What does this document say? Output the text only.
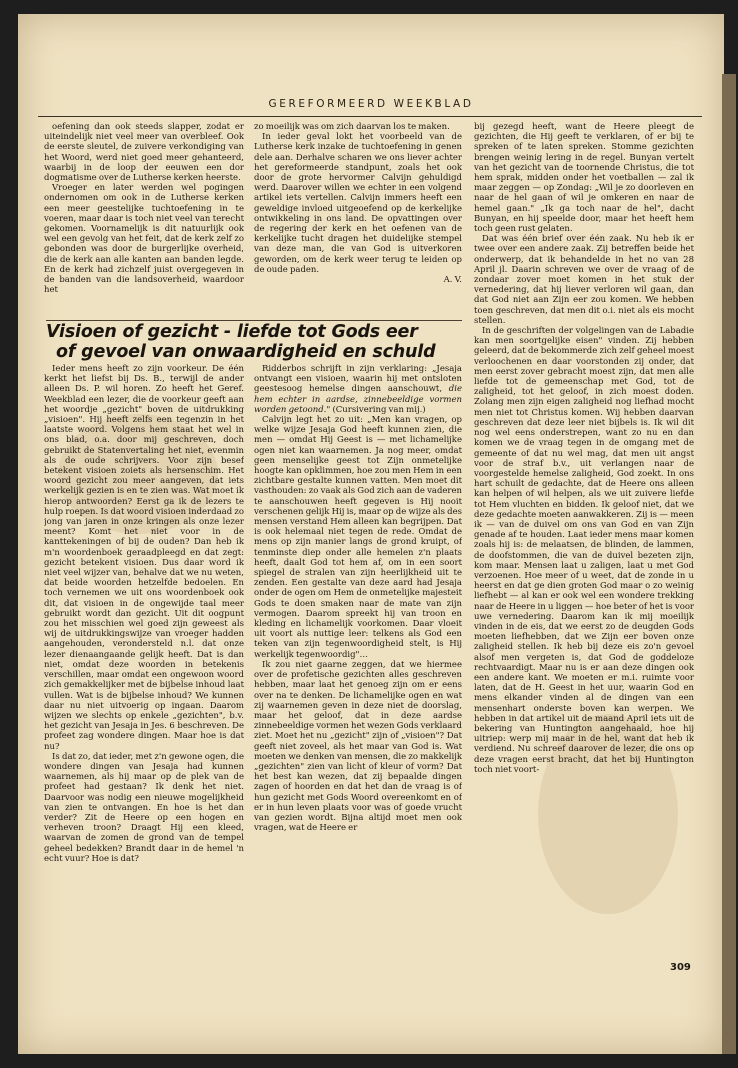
GEREFORMEERD WEEKBLAD

oefening dan ook steeds slapper, zodat er uiteindelijk niet veel meer van overbleef. Ook de eerste sleutel, de zuivere verkondiging van het Woord, werd niet goed meer gehanteerd, waarbij in de loop der eeuwen een dor dogmatisme over de Lutherse kerken heerste.

Vroeger en later werden wel pogingen ondernomen om ook in de Lutherse kerken een meer geestelijke tuchtoefening in te voeren, maar daar is toch niet veel van terecht gekomen. Voornamelijk is dit natuurlijk ook wel een gevolg van het feit, dat de kerk zelf zo gebonden was door de burgerlijke overheid, die de kerk aan alle kanten aan banden legde. En de kerk had zichzelf juist overgegeven in de banden van die landsoverheid, waardoor het

zo moeilijk was om zich daarvan los te maken.

In ieder geval lokt het voorbeeld van de Lutherse kerk inzake de tuchtoefening in genen dele aan. Derhalve scharen we ons liever achter het gereformeerde standpunt, zoals het ook door de grote hervormer Calvijn gehuldigd werd. Daarover willen we echter in een volgend artikel iets vertellen. Calvijn immers heeft een geweldige invloed uitgeoefend op de kerkelijke ontwikkeling in ons land. De opvattingen over de regering der kerk en het oefenen van de kerkelijke tucht dragen het duidelijke stempel van deze man, die van God is uitverkoren geworden, om de kerk weer terug te leiden op de oude paden.

A. V.
Visioen of gezicht - liefde tot Gods eer
of gevoel van onwaardigheid en schuld

Ieder mens heeft zo zijn voorkeur. De één kerkt het liefst bij Ds. B., terwijl de ander alleen Ds. P. wil horen. Zo heeft het Geref. Weekblad een lezer, die de voorkeur geeft aan het woordje „gezicht" boven de uitdrukking „visioen". Hij heeft zelfs een tegenzin in het laatste woord. Volgens hem staat het wel in ons blad, o.a. door mij geschreven, doch gebruikt de Statenvertaling het niet, evenmin als de oude schrijvers. Voor zijn besef betekent visioen zoiets als hersenschim. Het woord gezicht zou meer aangeven, dat iets werkelijk gezien is en te zien was. Wat moet ik hierop antwoorden? Eerst ga ik de lezers te hulp roepen. Is dat woord visioen inderdaad zo jong van jaren in onze kringen als onze lezer meent? Komt het niet voor in de kanttekeningen of bij de ouden? Dan heb ik m'n woordenboek geraadpleegd en dat zegt: gezicht betekent visioen. Dus daar word ik niet veel wijzer van, behalve dat we nu weten, dat beide woorden hetzelfde bedoelen. En toch vernemen we uit ons woordenboek ook dit, dat visioen in de ongewijde taal meer gebruikt wordt dan gezicht. Uit dit oogpunt zou het misschien wel goed zijn geweest als wij de uitdrukkingswijze van vroeger hadden aangehouden, verondersteld n.l. dat onze lezer dienaangaande gelijk heeft. Dat is dan niet, omdat deze woorden in betekenis verschillen, maar omdat een ongewoon woord zich gemakkelijker met de bijbelse inhoud laat vullen. Wat is de bijbelse inhoud? We kunnen daar nu niet uitvoerig op ingaan. Daarom wijzen we slechts op enkele „gezichten", b.v. het gezicht van Jesaja in Jes. 6 beschreven. De profeet zag wondere dingen. Maar hoe is dat nu?

Is dat zo, dat ieder, met z'n gewone ogen, die wondere dingen van Jesaja had kunnen waarnemen, als hij maar op de plek van de profeet had gestaan? Ik denk het niet. Daarvoor was nodig een nieuwe mogelijkheid van zien te ontvangen. En hoe is het dan verder? Zit de Heere op een hogen en verheven troon? Draagt Hij een kleed, waarvan de zomen de grond van de tempel geheel bedekken? Brandt daar in de hemel 'n echt vuur? Hoe is dat?

Ridderbos schrijft in zijn verklaring: „Jesaja ontvangt een visioen, waarin hij met ontsloten geestesoog hemelse dingen aanschouwt, die hem echter in aardse, zinnebeeldige vormen worden getoond." (Cursivering van mij.)

Calvijn legt het zo uit: „Men kan vragen, op welke wijze Jesaja God heeft kunnen zien, die men — omdat Hij Geest is — met lichamelijke ogen niet kan waarnemen. Ja nog meer, omdat geen menselijke geest tot Zijn onmetelijke hoogte kan opklimmen, hoe zou men Hem in een zichtbare gestalte kunnen vatten. Men moet dit vasthouden: zo vaak als God zich aan de vaderen te aanschouwen heeft gegeven is Hij nooit verschenen gelijk Hij is, maar op de wijze als des mensen verstand Hem alleen kan begrijpen. Dat is ook helemaal niet tegen de rede. Omdat de mens op zijn manier langs de grond kruipt, of tenminste diep onder alle hemelen z'n plaats heeft, daalt God tot hem af, om in een soort spiegel de stralen van zijn heerlijkheid uit te zenden. Een gestalte van deze aard had Jesaja onder de ogen om Hem de onmetelijke majesteit Gods te doen smaken naar de mate van zijn vermogen. Daarom spreekt hij van troon en kleding en lichamelijk voorkomen. Daar vloeit uit voort als nuttige leer: telkens als God een teken van zijn tegenwoordigheid stelt, is Hij werkelijk tegenwoordig"…

Ik zou niet gaarne zeggen, dat we hiermee over de profetische gezichten alles geschreven hebben, maar laat het genoeg zijn om er eens over na te denken. De lichamelijke ogen en wat zij waarnemen geven in deze niet de doorslag, maar het geloof, dat in deze aardse zinnebeeldige vormen het wezen Gods verklaard ziet. Moet het nu „gezicht" zijn of „visioen"? Dat geeft niet zoveel, als het maar van God is. Wat moeten we denken van mensen, die zo makkelijk „gezichten" zien van licht of kleur of vorm? Dat het best kan wezen, dat zij bepaalde dingen zagen of hoorden en dat het dan de vraag is of hun gezicht met Gods Woord overeenkomt en of er in hun leven plaats voor was of goede vrucht van gezien wordt. Bijna altijd moet men ook vragen, wat de Heere er

bij gezegd heeft, want de Heere pleegt de gezichten, die Hij geeft te verklaren, of er bij te spreken of te laten spreken. Stomme gezichten brengen weinig lering in de regel. Bunyan vertelt van het gezicht van de toornende Christus, die tot hem sprak, midden onder het voetballen — zal ik maar zeggen — op Zondag: „Wil je zo doorleven en naar de hel gaan of wil je omkeren en naar de hemel gaan." „Ik ga toch naar de hel", dacht Bunyan, en hij speelde door, maar het heeft hem toch geen rust gelaten.

Dat was één brief over één zaak. Nu heb ik er twee over een andere zaak. Zij betreffen beide het onderwerp, dat ik behandelde in het no van 28 April jl. Daarin schreven we over de vraag of de zondaar zover moet komen in het stuk der vernedering, dat hij liever verloren wil gaan, dan dat God niet aan Zijn eer zou komen. We hebben toen geschreven, dat men dit o.i. niet als eis mocht stellen.

In de geschriften der volgelingen van de Labadie kan men soortgelijke eisen" vinden. Zij hebben geleerd, dat de bekommerde zich zelf geheel moest verloochenen en daar voorstonden zij onder, dat men eerst zover gebracht moest zijn, dat men alle liefde tot de gemeenschap met God, tot de zaligheid, tot het geloof, in zich moest doden. Zolang men zijn eigen zaligheid nog liefhad mocht men niet tot Christus komen. Wij hebben daarvan geschreven dat deze leer niet bijbels is. Ik wil dit nog wel eens onderstrepen, want zo nu en dan komen we de vraag tegen in de omgang met de gemeente of dat nu wel mag, dat men uit angst voor de straf b.v., uit verlangen naar de voorgestelde hemelse zaligheid, God zoekt. In ons hart schuilt de gedachte, dat de Heere ons alleen kan helpen of wil helpen, als we uit zuivere liefde tot Hem vluchten en bidden. Ik geloof niet, dat we deze gedachte moeten aanwakkeren. Zij is — meen ik — van de duivel om ons van God en van Zijn genade af te houden. Laat ieder mens maar komen zoals hij is: de melaatsen, de blinden, de lammen, de doofstommen, die van de duivel bezeten zijn, kom maar. Mensen laat u zaligen, laat u met God verzoenen. Hoe meer of u weet, dat de zonde in u heerst en dat ge dien groten God maar o zo weinig liefhebt — al kan er ook wel een wondere trekking naar de Heere in u liggen — hoe beter of het is voor uwe vernedering. Daarom kan ik mij moeilijk vinden in de eis, dat we eerst zo de deugden Gods moeten liefhebben, dat we Zijn eer boven onze zaligheid stellen. Ik heb bij deze eis zo'n gevoel alsof men vergeten is, dat God de goddeloze rechtvaardigt. Maar nu is er aan deze dingen ook een andere kant. We moeten er m.i. ruimte voor laten, dat de H. Geest in het uur, waarin God en mens elkander vinden al de dingen van een mensenhart onderste boven kan werpen. We hebben in dat artikel uit de maand April iets uit de bekering van Huntington aangehaald, hoe hij uitriep: werp mij maar in de hel, want dat heb ik verdiend. Nu schreef daarover de lezer, die ons op deze vragen eerst bracht, dat het bij Huntington toch niet voort-

309
